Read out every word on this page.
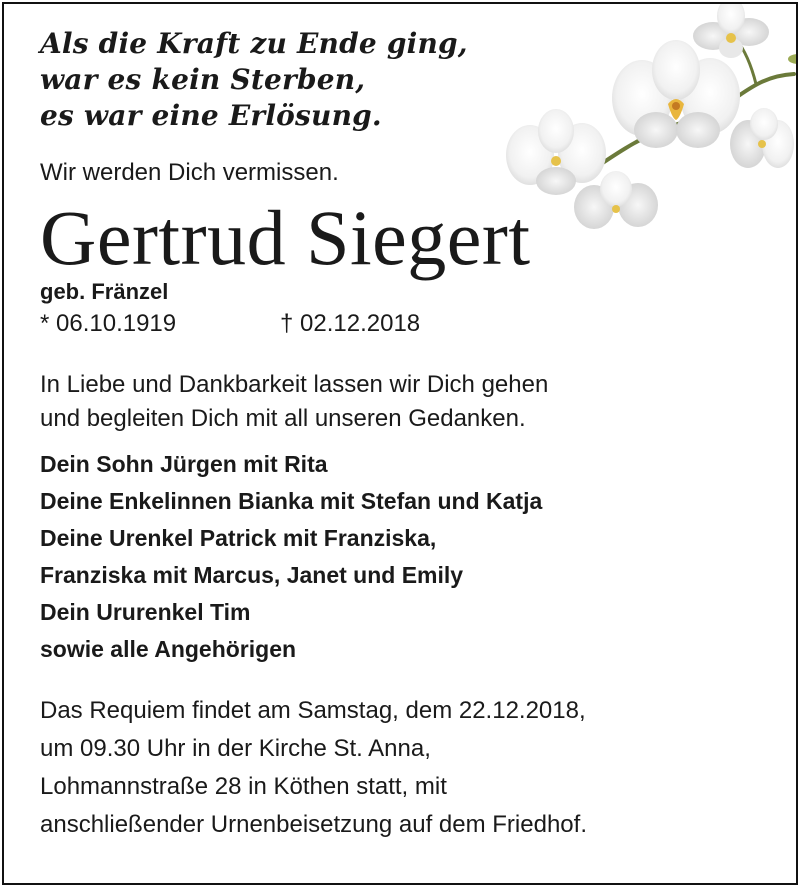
Als die Kraft zu Ende ging,
war es kein Sterben,
es war eine Erlösung.
Wir werden Dich vermissen.
Gertrud Siegert
geb. Fränzel
* 06.10.1919	† 02.12.2018
In Liebe und Dankbarkeit lassen wir Dich gehen
und begleiten Dich mit all unseren Gedanken.
Dein Sohn Jürgen mit Rita
Deine Enkelinnen Bianka mit Stefan und Katja
Deine Urenkel Patrick mit Franziska,
Franziska mit Marcus, Janet und Emily
Dein Ururenkel Tim
sowie alle Angehörigen
Das Requiem findet am Samstag, dem 22.12.2018,
um 09.30 Uhr in der Kirche St. Anna,
Lohmannstraße 28 in Köthen statt, mit
anschließender Urnenbeisetzung auf dem Friedhof.
